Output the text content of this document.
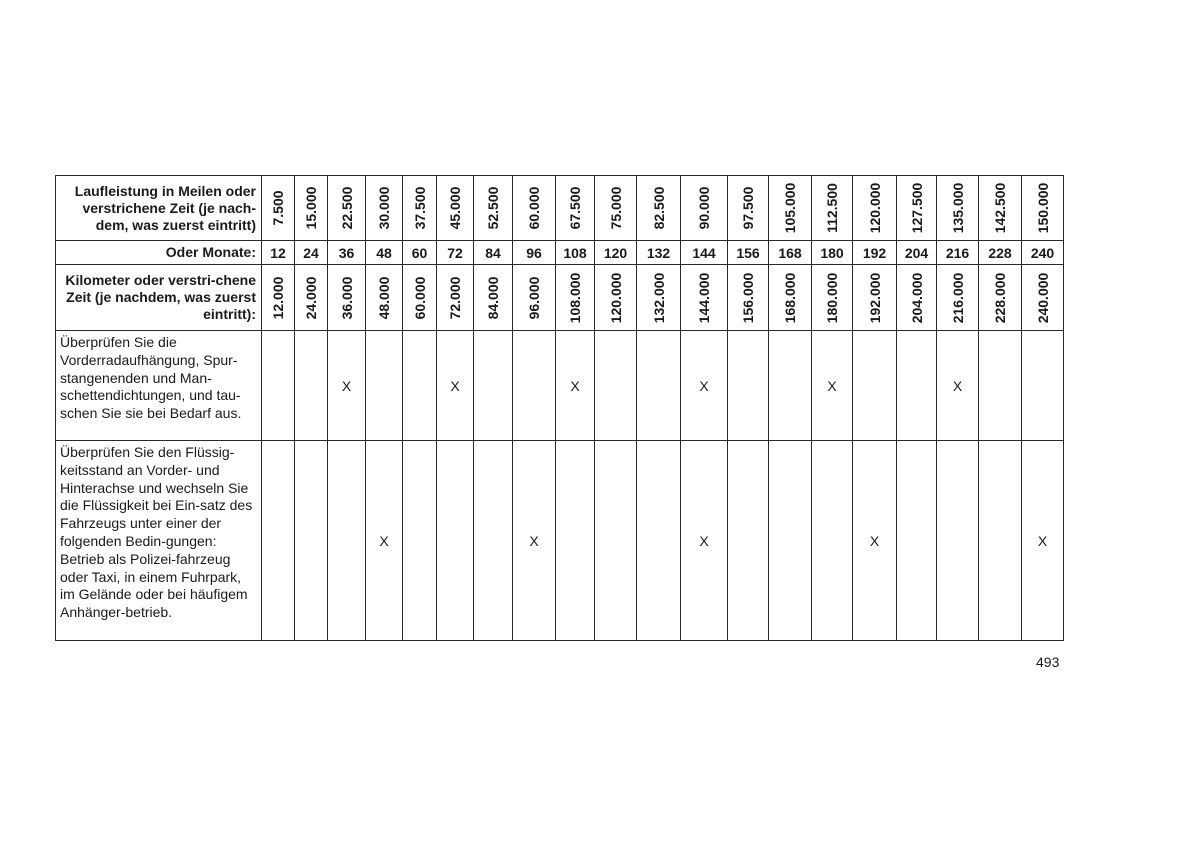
Laufleistung in Meilen oder verstrichene Zeit (je nach-dem, was zuerst eintritt)	7.500	15.000	22.500	30.000	37.500	45.000	52.500	60.000	67.500	75.000	82.500	90.000	97.500	105.000	112.500	120.000	127.500	135.000	142.500	150.000

Oder Monate:	12	24	36	48	60	72	84	96	108	120	132	144	156	168	180	192	204	216	228	240
Kilometer oder verstri-chene Zeit (je nachdem, was zuerst eintritt):	12.000	24.000	36.000	48.000	60.000	72.000	84.000	96.000	108.000	120.000	132.000	144.000	156.000	168.000	180.000	192.000	204.000	216.000	228.000	240.000

Überprüfen Sie die Vorderradaufhängung, Spur-stangenenden und Man-schettendichtungen, und tau-schen Sie sie bei Bedarf aus.			X			X			X			X			X			X		
Überprüfen Sie den Flüssig-keitsstand an Vorder- und Hinterachse und wechseln Sie die Flüssigkeit bei Ein-satz des Fahrzeugs unter einer der folgenden Bedin-gungen: Betrieb als Polizei-fahrzeug oder Taxi, in einem Fuhrpark, im Gelände oder bei häufigem Anhänger-betrieb.				X				X				X				X				X
493
